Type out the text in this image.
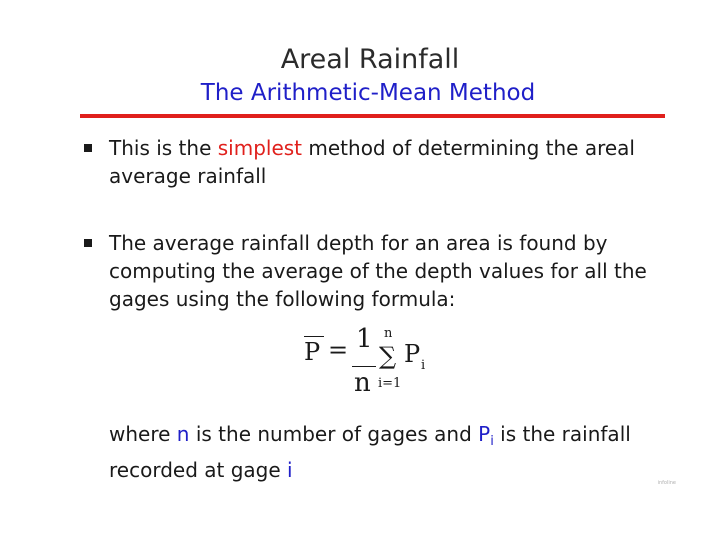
Areal Rainfall
The Arithmetic-Mean Method
This is the simplest method of determining the areal average rainfall
The average rainfall depth for an area is found by computing the average of the depth values for all the gages using the following formula:
P = 1
n
n
∑
i=1
P i
where n is the number of gages and $P_i$ is the rainfall recorded at gage i
infoline
